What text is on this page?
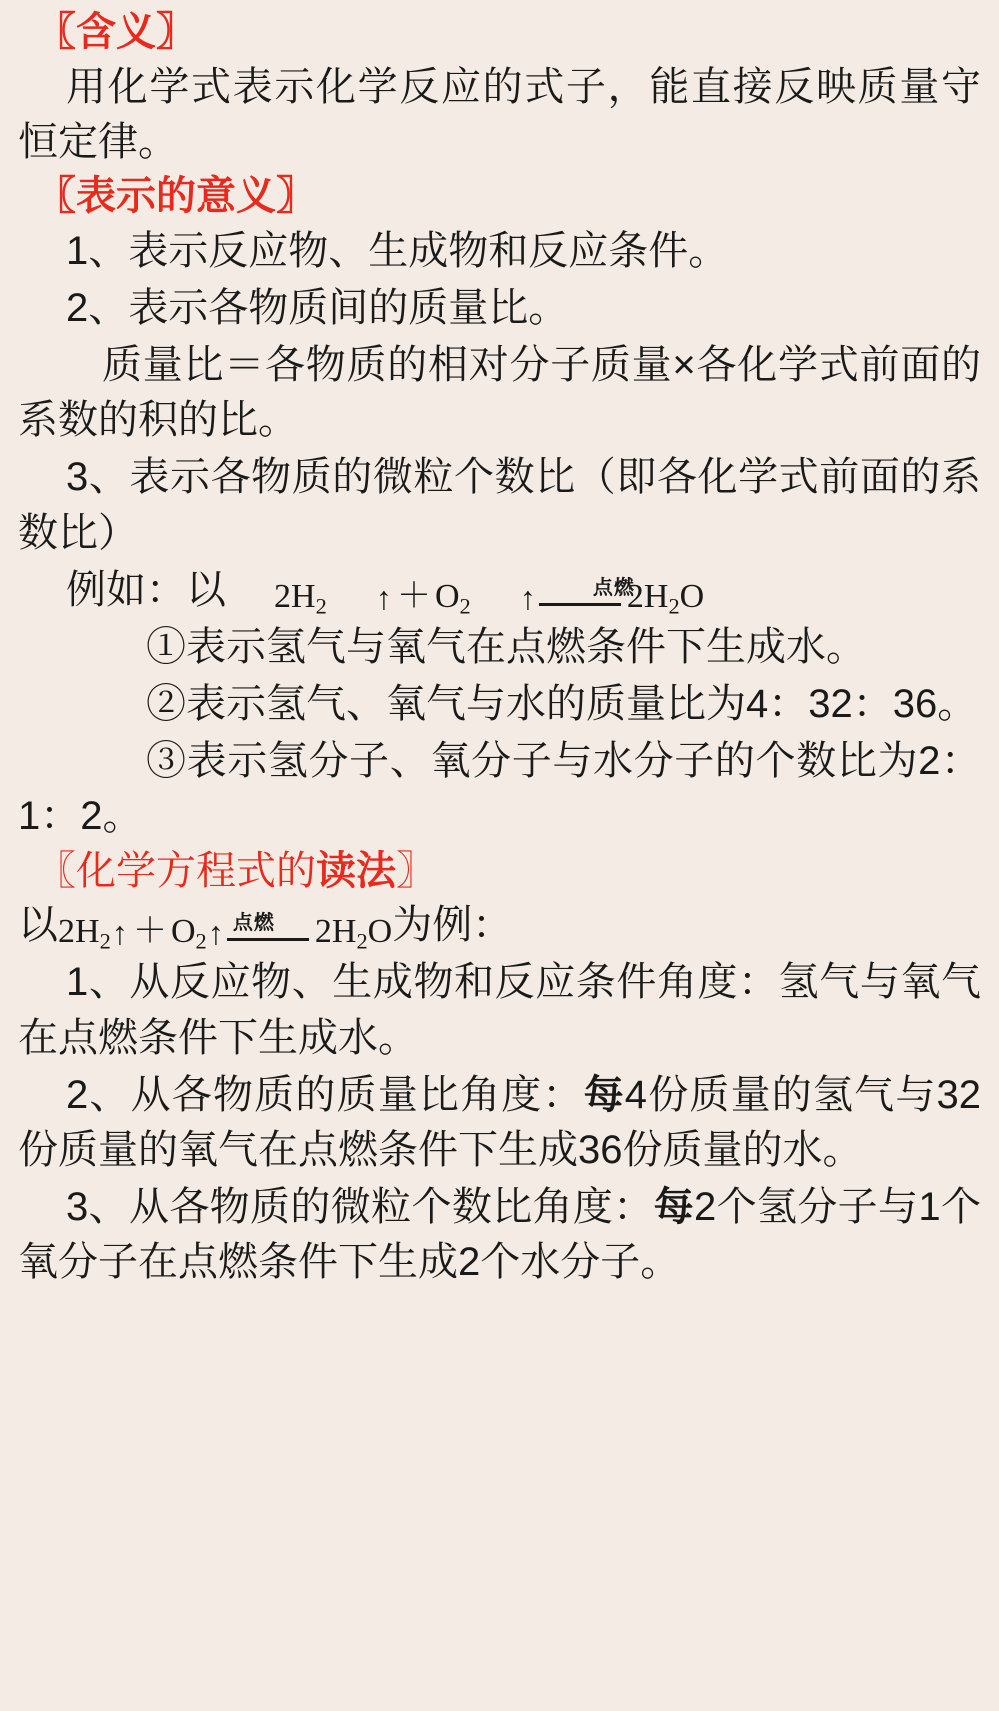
〖含义〗
用化学式表示化学反应的式子，能直接反映质量守恒定律。
〖表示的意义〗
1、表示反应物、生成物和反应条件。
2、表示各物质间的质量比。
质量比＝各物质的相对分子质量×各化学式前面的系数的积的比。
3、表示各物质的微粒个数比（即各化学式前面的系数比）
例如：以 $2H_2$ ↑ ＋ $O_2$ ↑	点燃
$2H_2O$
①表示氢气与氧气在点燃条件下生成水。
②表示氢气、氧气与水的质量比为4：32：36。
③表示氢分子、氧分子与水分子的个数比为2：1：2。
〖化学方程式的读法〗
以$2H_2↑$ ＋ $O_2↑$ 点燃 $2H_2O$为例：
1、从反应物、生成物和反应条件角度：氢气与氧气在点燃条件下生成水。
2、从各物质的质量比角度：每4份质量的氢气与32份质量的氧气在点燃条件下生成36份质量的水。
3、从各物质的微粒个数比角度：每2个氢分子与1个氧分子在点燃条件下生成2个水分子。
